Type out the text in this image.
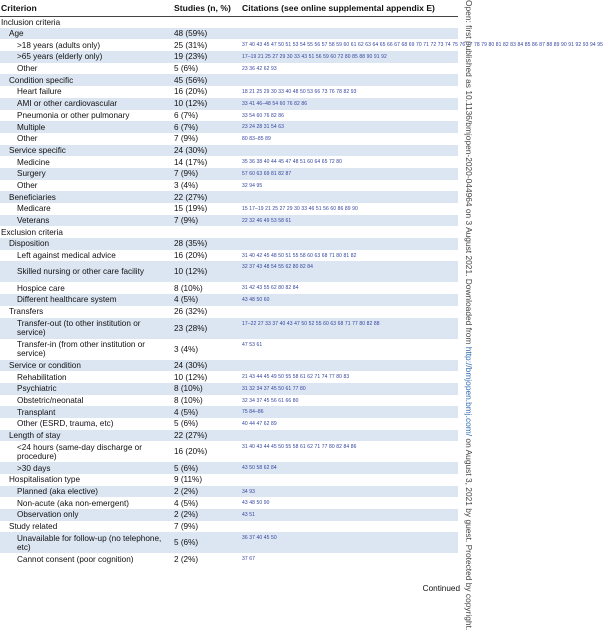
Criterion	Studies (n, %)	Citations (see online supplemental appendix E)
Inclusion criteria		
Age	48 (59%)	
>18 years (adults only)	25 (31%)	37 40 43 45 47 50 51 53 54 55 56 57 58 59 60 61 62 63 64 65 66 67 68 69 70 71 72 73 74 75 76 77 78 79 80 81 82 83 84 85 86 87 88 89 90 91 92 93 94 95
>65 years (elderly only)	19 (23%)	17–19 21 25 27 29 30 33 43 51 56 59 60 72 80 85 88 90 91 92
Other	5 (6%)	23 36 42 62 93
Condition specific	45 (56%)	
Heart failure	16 (20%)	18 21 25 29 30 33 40 48 50 53 66 73 76 78 82 93
AMI or other cardiovascular	10 (12%)	33 41 46–48 54 60 76 82 86
Pneumonia or other pulmonary	6 (7%)	33 54 60 76 82 86
Multiple	6 (7%)	23 24 28 31 54 63
Other	7 (9%)	80 83–85 89
Service specific	24 (30%)	
Medicine	14 (17%)	35 36 38 40 44 45 47 48 51 60 64 65 72 80
Surgery	7 (9%)	57 60 63 69 81 82 87
Other	3 (4%)	32 94 95
Beneficiaries	22 (27%)	
Medicare	15 (19%)	15 17–19 21 25 27 29 30 33 46 51 56 60 86 89 90
Veterans	7 (9%)	22 32 46 49 53 58 61
Exclusion criteria		
Disposition	28 (35%)	
Left against medical advice	16 (20%)	31 40 42 45 48 50 51 55 58 60 63 68 71 80 81 82
Skilled nursing or other care facility	10 (12%)	32 37 43 48 54 55 62 80 82 84
Hospice care	8 (10%)	31 42 43 55 62 80 82 84
Different healthcare system	4 (5%)	43 48 50 60
Transfers	26 (32%)	
Transfer-out (to other institution or service)	23 (28%)	17–22 27 33 37 40 43 47 50 52 55 60 63 68 71 77 80 82 88
Transfer-in (from other institution or service)	3 (4%)	47 53 61
Service or condition	24 (30%)	
Rehabilitation	10 (12%)	21 43 44 45 49 50 55 58 61 62 71 74 77 80 83
Psychiatric	8 (10%)	31 32 34 37 45 50 61 77 80
Obstetric/neonatal	8 (10%)	32 34 37 45 56 61 66 80
Transplant	4 (5%)	75 84–86
Other (ESRD, trauma, etc)	5 (6%)	40 44 47 62 89
Length of stay	22 (27%)	
<24 hours (same-day discharge or procedure)	16 (20%)	31 40 43 44 45 50 55 58 61 62 71 77 80 82 84 86
>30 days	5 (6%)	43 50 58 62 84
Hospitalisation type	9 (11%)	
Planned (aka elective)	2 (2%)	34 93
Non-acute (aka non-emergent)	4 (5%)	43 48 50 90
Observation only	2 (2%)	43 51
Study related	7 (9%)	
Unavailable for follow-up (no telephone, etc)	5 (6%)	36 37 40 45 50
Cannot consent (poor cognition)	2 (2%)	37 67
Continued
Open: first published as 10.1136/bmjopen-2020-044964 on 3 August 2021. Downloaded from http://bmjopen.bmj.com/ on August 3, 2021 by guest. Protected by copyright.
